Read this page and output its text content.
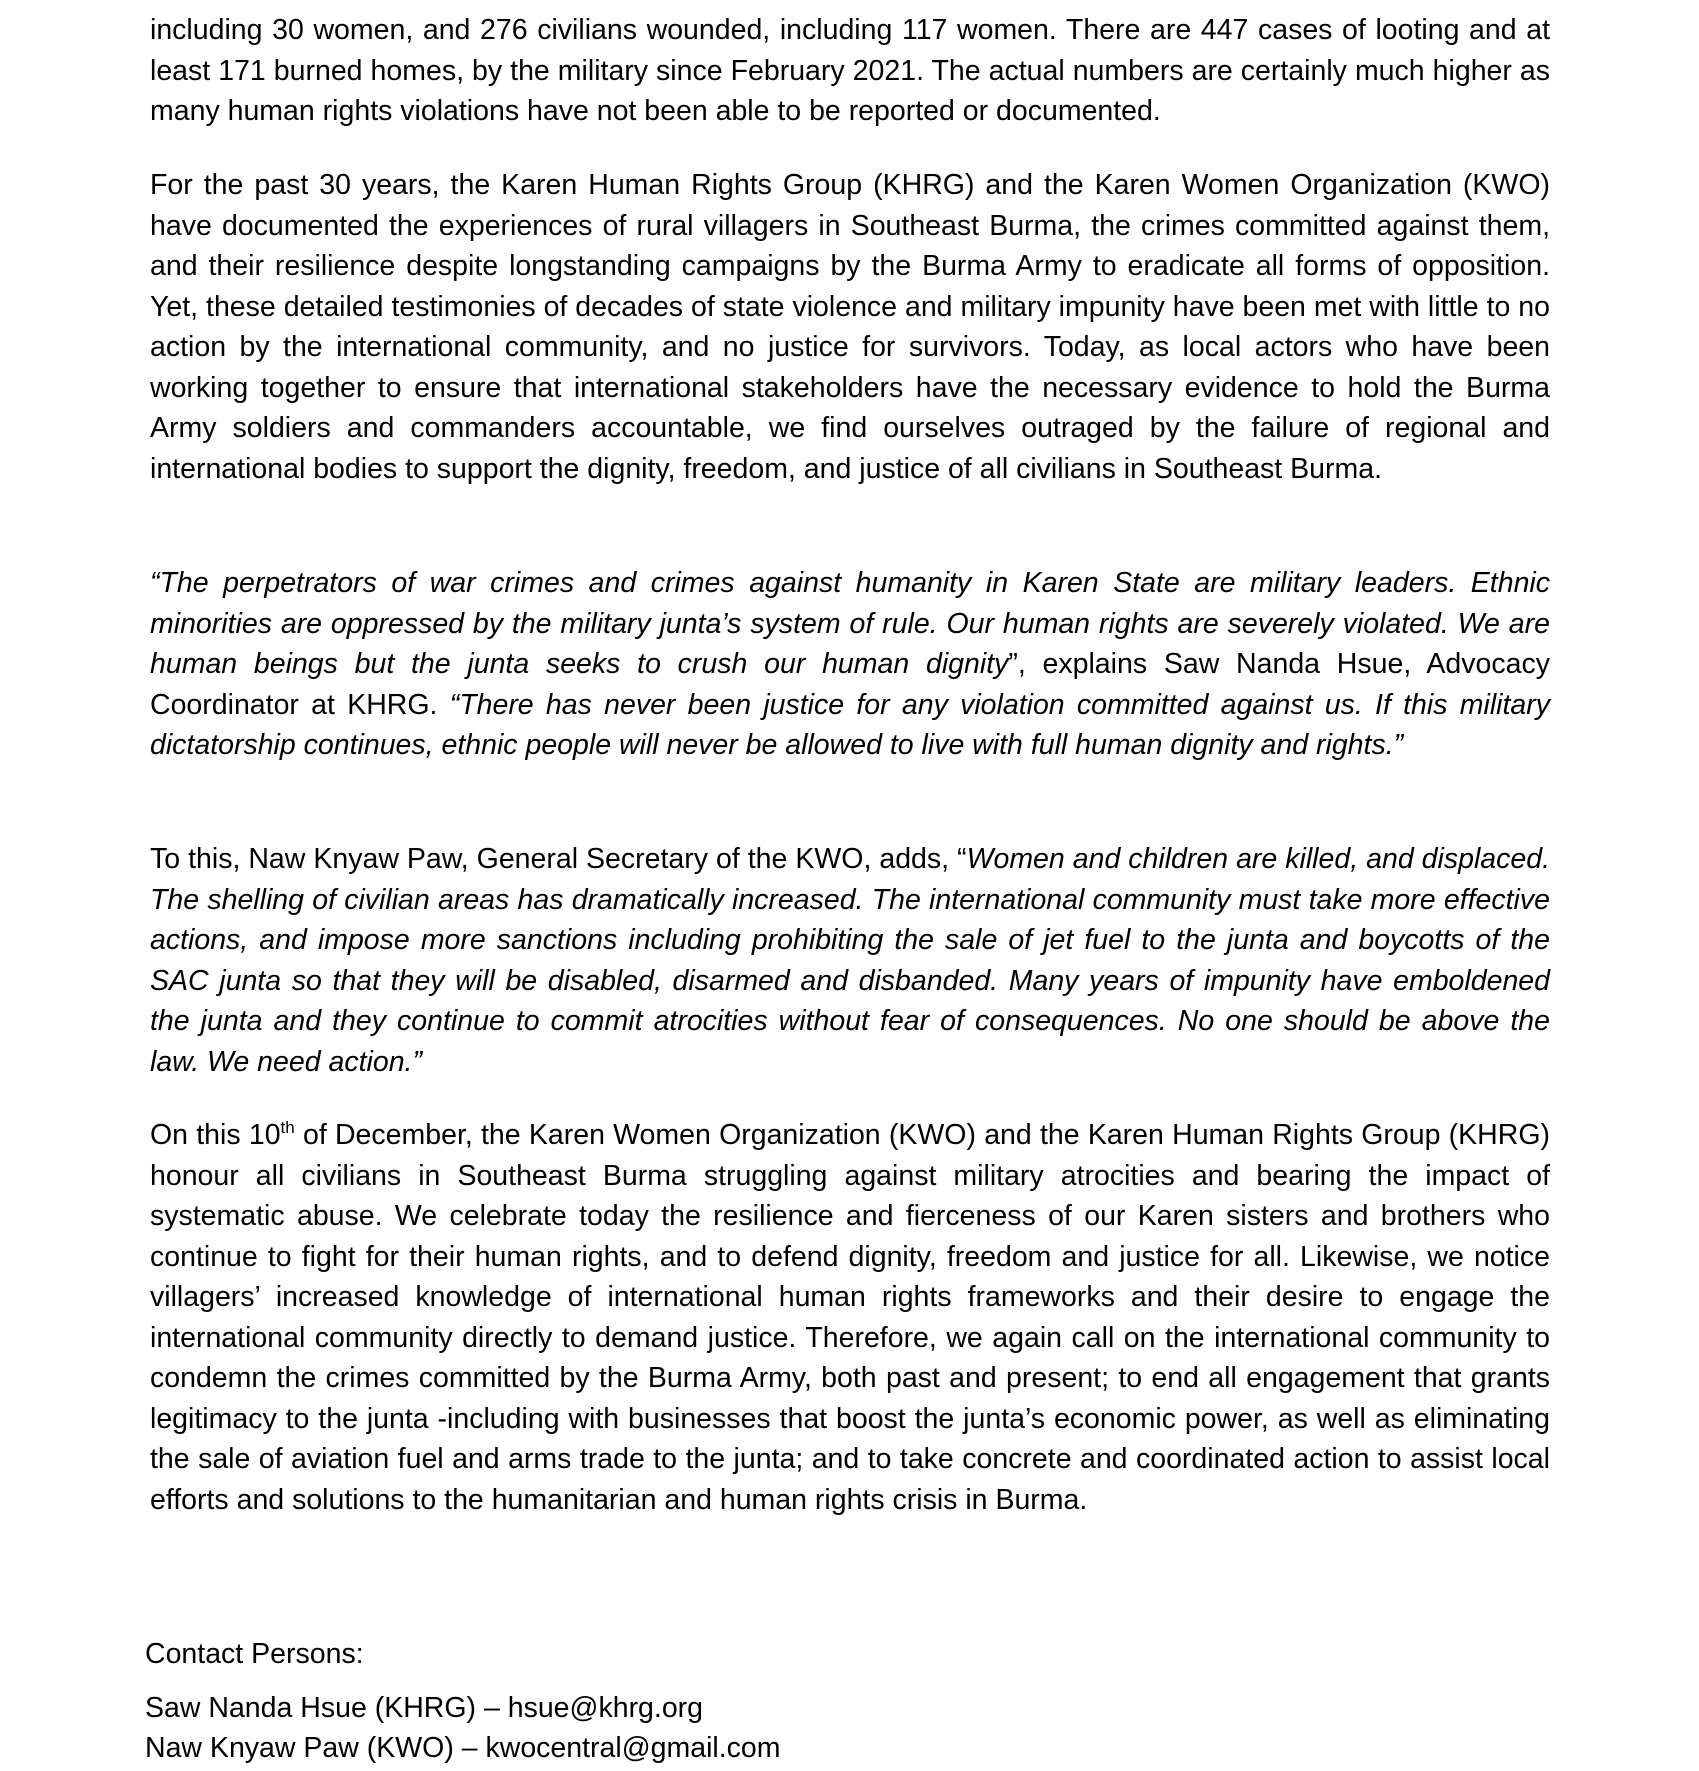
including 30 women, and 276 civilians wounded, including 117 women. There are 447 cases of looting and at least 171 burned homes, by the military since February 2021. The actual numbers are certainly much higher as many human rights violations have not been able to be reported or documented.

For the past 30 years, the Karen Human Rights Group (KHRG) and the Karen Women Organization (KWO) have documented the experiences of rural villagers in Southeast Burma, the crimes committed against them, and their resilience despite longstanding campaigns by the Burma Army to eradicate all forms of opposition. Yet, these detailed testimonies of decades of state violence and military impunity have been met with little to no action by the international community, and no justice for survivors. Today, as local actors who have been working together to ensure that international stakeholders have the necessary evidence to hold the Burma Army soldiers and commanders accountable, we find ourselves outraged by the failure of regional and international bodies to support the dignity, freedom, and justice of all civilians in Southeast Burma.

“The perpetrators of war crimes and crimes against humanity in Karen State are military leaders. Ethnic minorities are oppressed by the military junta’s system of rule. Our human rights are severely violated. We are human beings but the junta seeks to crush our human dignity”, explains Saw Nanda Hsue, Advocacy Coordinator at KHRG. “There has never been justice for any violation committed against us. If this military dictatorship continues, ethnic people will never be allowed to live with full human dignity and rights.”

To this, Naw Knyaw Paw, General Secretary of the KWO, adds, “Women and children are killed, and displaced. The shelling of civilian areas has dramatically increased. The international community must take more effective actions, and impose more sanctions including prohibiting the sale of jet fuel to the junta and boycotts of the SAC junta so that they will be disabled, disarmed and disbanded. Many years of impunity have emboldened the junta and they continue to commit atrocities without fear of consequences. No one should be above the law. We need action.”

On this 10th of December, the Karen Women Organization (KWO) and the Karen Human Rights Group (KHRG) honour all civilians in Southeast Burma struggling against military atrocities and bearing the impact of systematic abuse. We celebrate today the resilience and fierceness of our Karen sisters and brothers who continue to fight for their human rights, and to defend dignity, freedom and justice for all. Likewise, we notice villagers’ increased knowledge of international human rights frameworks and their desire to engage the international community directly to demand justice. Therefore, we again call on the international community to condemn the crimes committed by the Burma Army, both past and present; to end all engagement that grants legitimacy to the junta -including with businesses that boost the junta’s economic power, as well as eliminating the sale of aviation fuel and arms trade to the junta; and to take concrete and coordinated action to assist local efforts and solutions to the humanitarian and human rights crisis in Burma.

Contact Persons:

Saw Nanda Hsue (KHRG) – hsue@khrg.org

Naw Knyaw Paw (KWO) – kwocentral@gmail.com
